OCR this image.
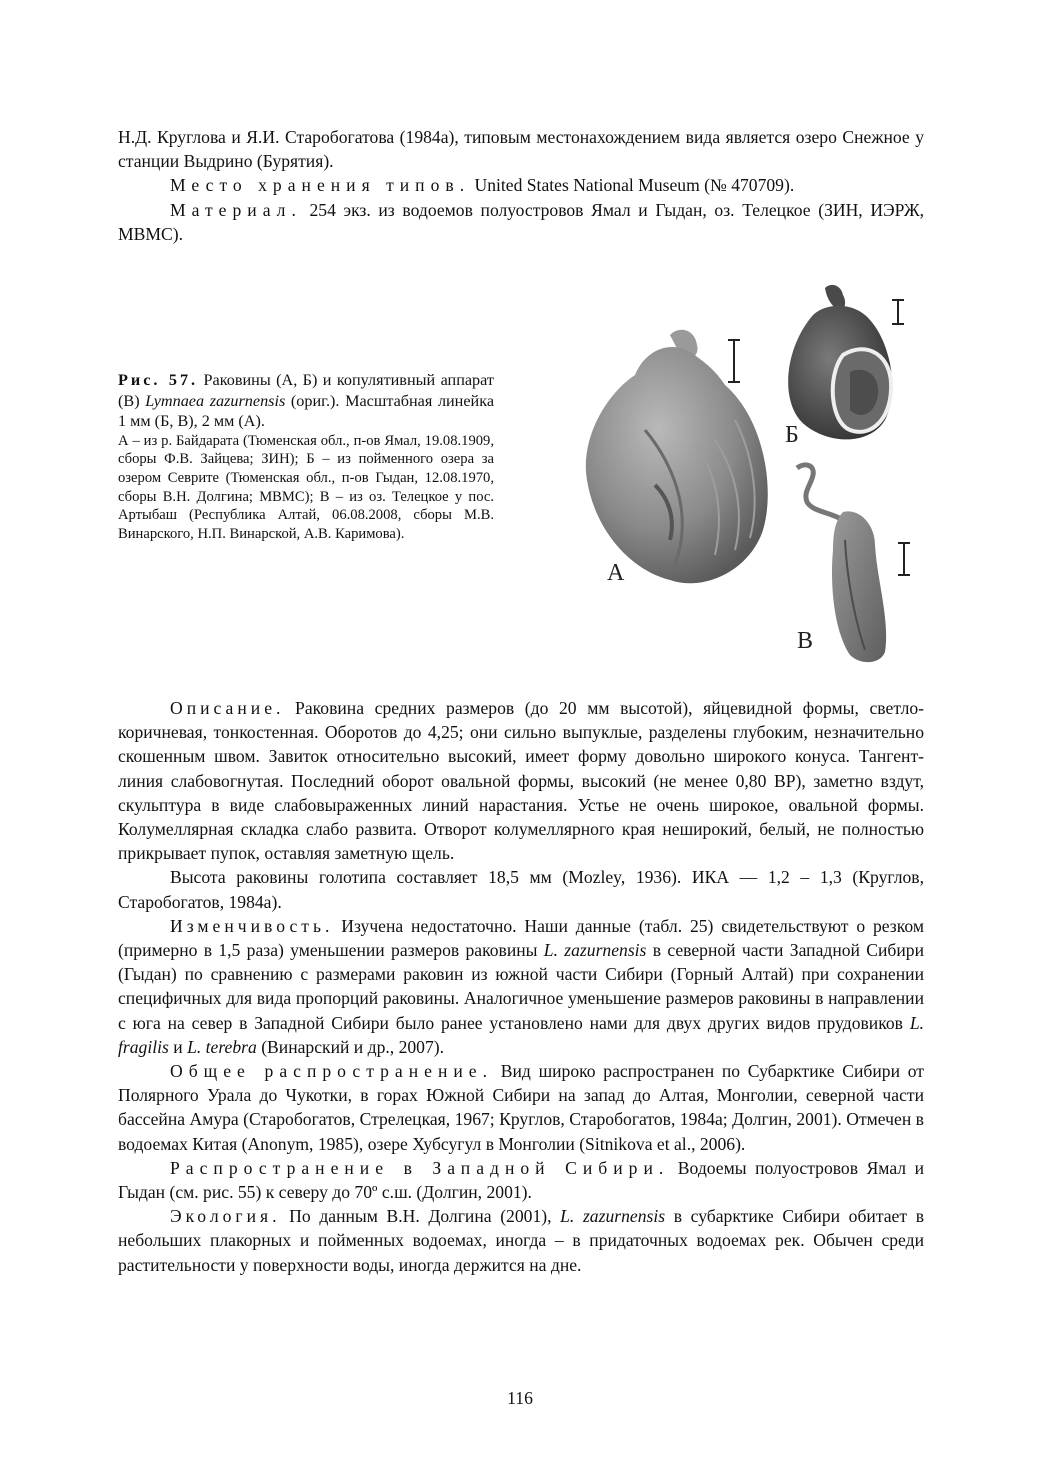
Н.Д. Круглова и Я.И. Старобогатова (1984а), типовым местонахождением вида является озеро Снежное у станции Выдрино (Бурятия).

Место хранения типов. United States National Museum (№ 470709).

Материал. 254 экз. из водоемов полуостровов Ямал и Гыдан, оз. Телецкое (ЗИН, ИЭРЖ, МВМС).

Рис. 57. Раковины (А, Б) и копулятивный аппарат (В) Lymnaea zazurnensis (ориг.). Масштабная линейка 1 мм (Б, В), 2 мм (А).

А – из р. Байдарата (Тюменская обл., п-ов Ямал, 19.08.1909, сборы Ф.В. Зайцева; ЗИН); Б – из пойменного озера за озером Севрите (Тюменская обл., п-ов Гыдан, 12.08.1970, сборы В.Н. Долгина; МВМС); В – из оз. Телецкое у пос. Артыбаш (Республика Алтай, 06.08.2008, сборы М.В. Винарского, Н.П. Винарской, А.В. Каримова).

А
Б
В

Описание. Раковина средних размеров (до 20 мм высотой), яйцевидной формы, светло-коричневая, тонкостенная. Оборотов до 4,25; они сильно выпуклые, разделены глубоким, незначительно скошенным швом. Завиток относительно высокий, имеет форму довольно широкого конуса. Тангент-линия слабовогнутая. Последний оборот овальной формы, высокий (не менее 0,80 ВР), заметно вздут, скульптура в виде слабовыраженных линий нарастания. Устье не очень широкое, овальной формы. Колумеллярная складка слабо развита. Отворот колумеллярного края неширокий, белый, не полностью прикрывает пупок, оставляя заметную щель.

Высота раковины голотипа составляет 18,5 мм (Mozley, 1936). ИКА — 1,2 – 1,3 (Круглов, Старобогатов, 1984а).

Изменчивость. Изучена недостаточно. Наши данные (табл. 25) свидетельствуют о резком (примерно в 1,5 раза) уменьшении размеров раковины L. zazurnensis в северной части Западной Сибири (Гыдан) по сравнению с размерами раковин из южной части Сибири (Горный Алтай) при сохранении специфичных для вида пропорций раковины. Аналогичное уменьшение размеров раковины в направлении с юга на север в Западной Сибири было ранее установлено нами для двух других видов прудовиков L. fragilis и L. terebra (Винарский и др., 2007).

Общее распространение. Вид широко распространен по Субарктике Сибири от Полярного Урала до Чукотки, в горах Южной Сибири на запад до Алтая, Монголии, северной части бассейна Амура (Старобогатов, Стрелецкая, 1967; Круглов, Старобогатов, 1984а; Долгин, 2001). Отмечен в водоемах Китая (Anonym, 1985), озере Хубсугул в Монголии (Sitnikova et al., 2006).

Распространение в Западной Сибири. Водоемы полуостровов Ямал и Гыдан (см. рис. 55) к северу до 70º с.ш. (Долгин, 2001).

Экология. По данным В.Н. Долгина (2001), L. zazurnensis в субарктике Сибири обитает в небольших плакорных и пойменных водоемах, иногда – в придаточных водоемах рек. Обычен среди растительности у поверхности воды, иногда держится на дне.

116
